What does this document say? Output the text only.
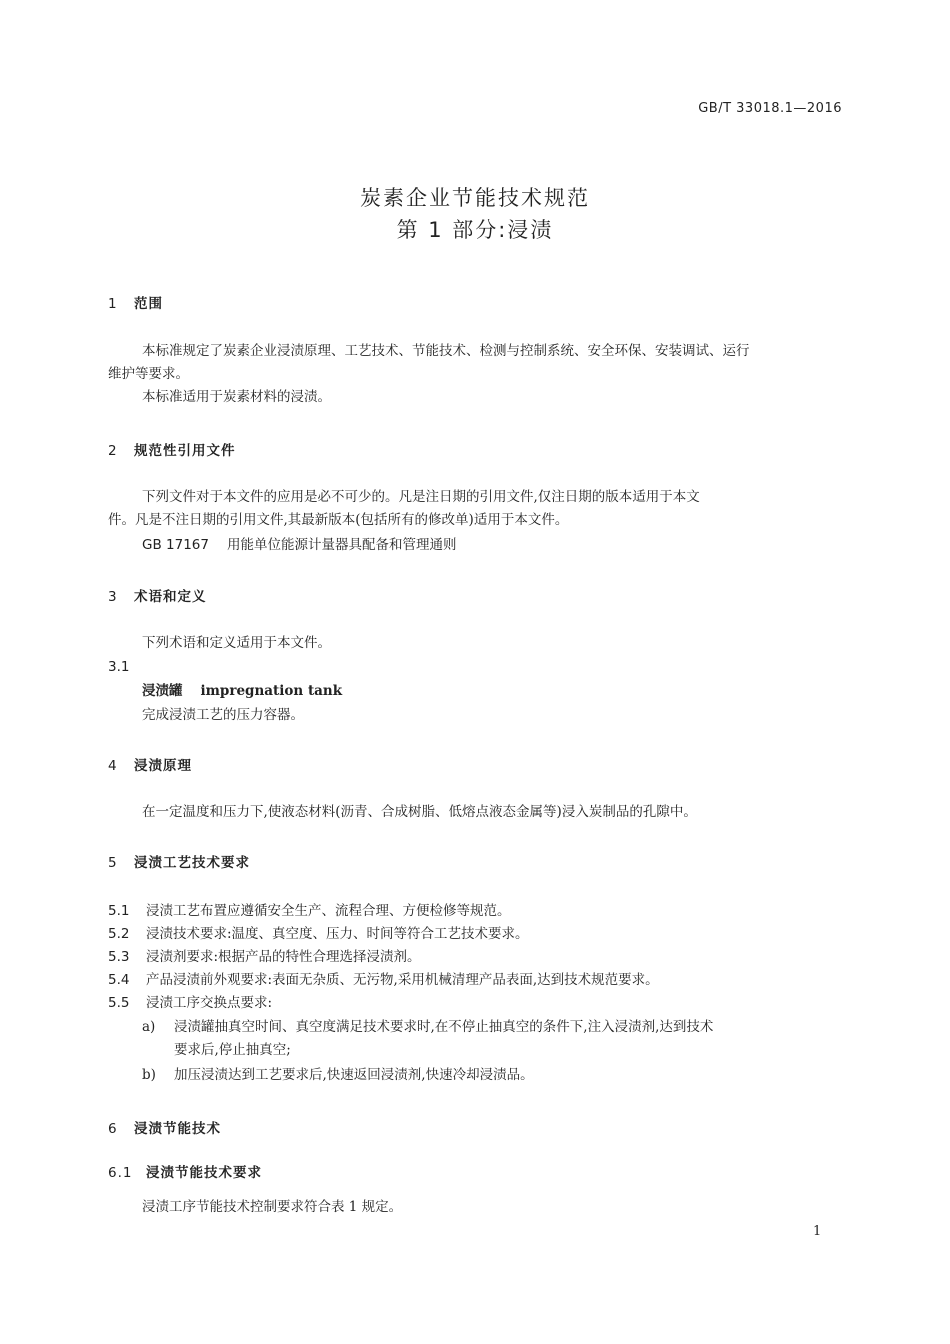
GB/T 33018.1—2016
炭素企业节能技术规范
第 1 部分:浸渍
1 范围
本标准规定了炭素企业浸渍原理、工艺技术、节能技术、检测与控制系统、安全环保、安装调试、运行
维护等要求。
本标准适用于炭素材料的浸渍。
2 规范性引用文件
下列文件对于本文件的应用是必不可少的。凡是注日期的引用文件,仅注日期的版本适用于本文
件。凡是不注日期的引用文件,其最新版本(包括所有的修改单)适用于本文件。
GB 17167 用能单位能源计量器具配备和管理通则
3 术语和定义
下列术语和定义适用于本文件。
3.1
浸渍罐 impregnation tank
完成浸渍工艺的压力容器。
4 浸渍原理
在一定温度和压力下,使液态材料(沥青、合成树脂、低熔点液态金属等)浸入炭制品的孔隙中。
5 浸渍工艺技术要求
5.1 浸渍工艺布置应遵循安全生产、流程合理、方便检修等规范。
5.2 浸渍技术要求:温度、真空度、压力、时间等符合工艺技术要求。
5.3 浸渍剂要求:根据产品的特性合理选择浸渍剂。
5.4 产品浸渍前外观要求:表面无杂质、无污物,采用机械清理产品表面,达到技术规范要求。
5.5 浸渍工序交换点要求:
a) 浸渍罐抽真空时间、真空度满足技术要求时,在不停止抽真空的条件下,注入浸渍剂,达到技术
要求后,停止抽真空;
b) 加压浸渍达到工艺要求后,快速返回浸渍剂,快速冷却浸渍品。
6 浸渍节能技术
6.1 浸渍节能技术要求
浸渍工序节能技术控制要求符合表 1 规定。
1
